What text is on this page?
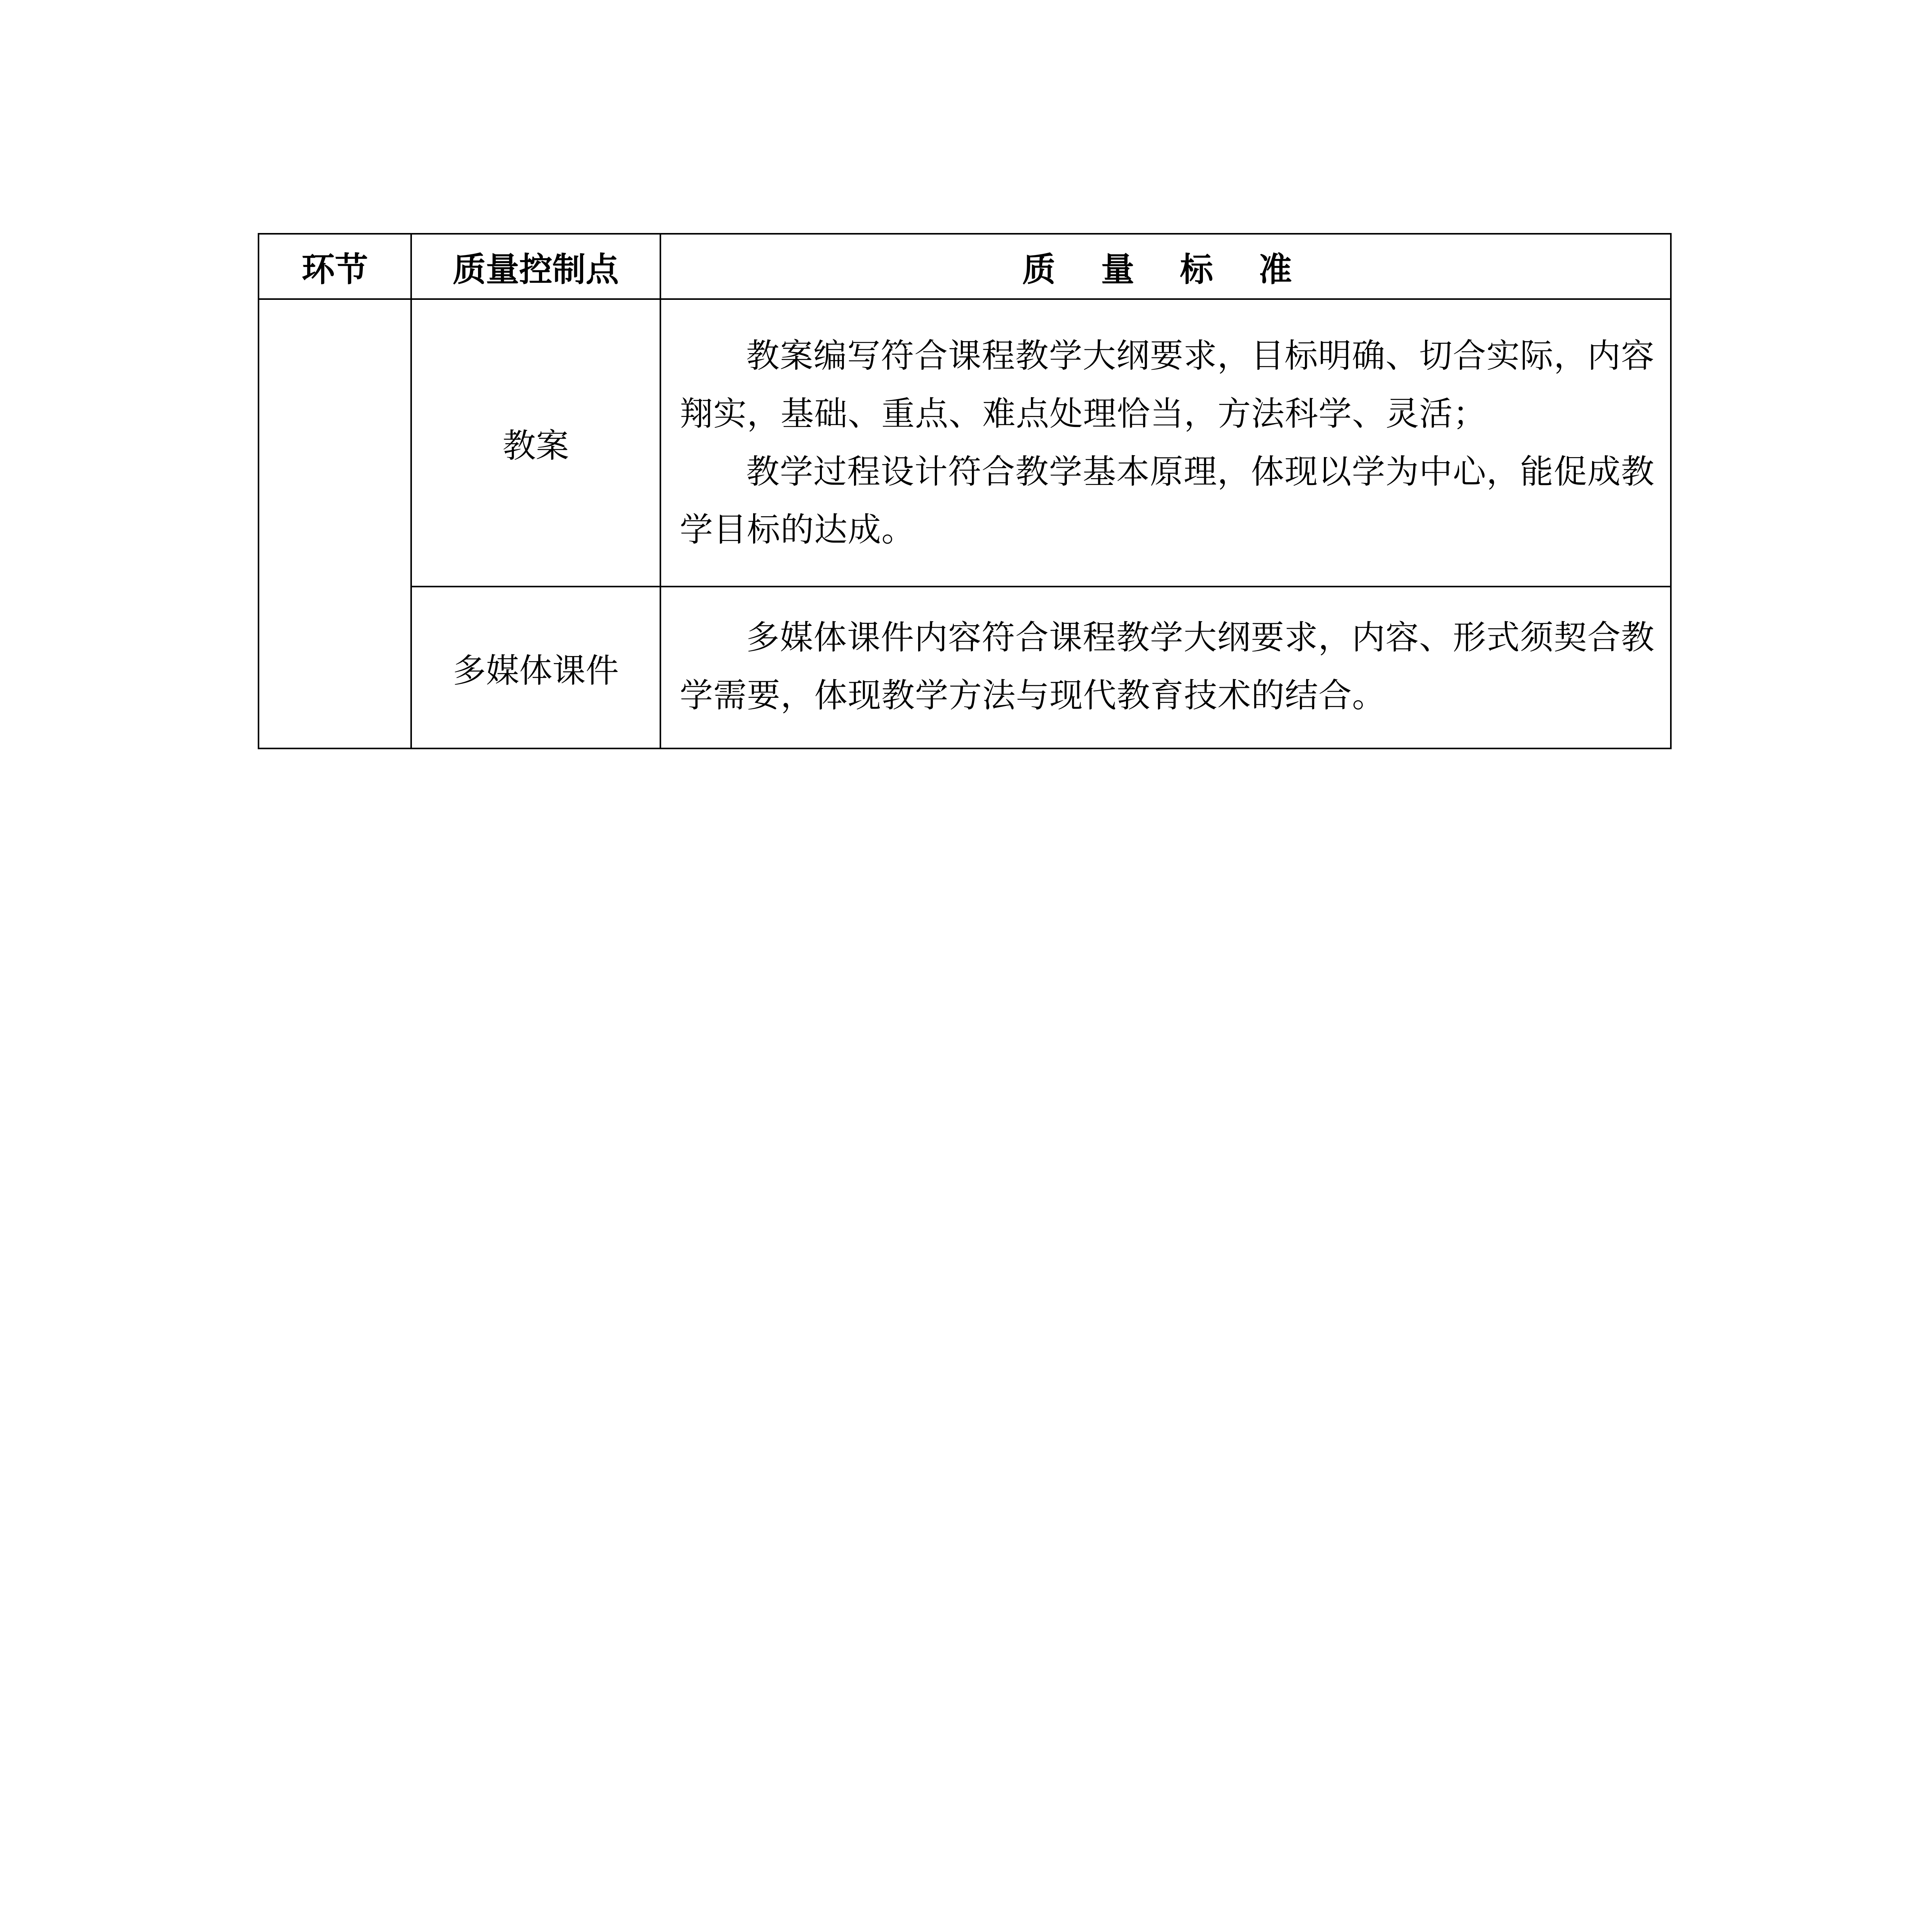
环节	质量控制点	质 量 标 准
	教案	教案编写符合课程教学大纲要求，目标明确、切合实际，内容翔实，基础、重点、难点处理恰当，方法科学、灵活；

教学过程设计符合教学基本原理，体现以学为中心，能促成教学目标的达成。

	多媒体课件	多媒体课件内容符合课程教学大纲要求，内容、形式须契合教学需要，体现教学方法与现代教育技术的结合。
